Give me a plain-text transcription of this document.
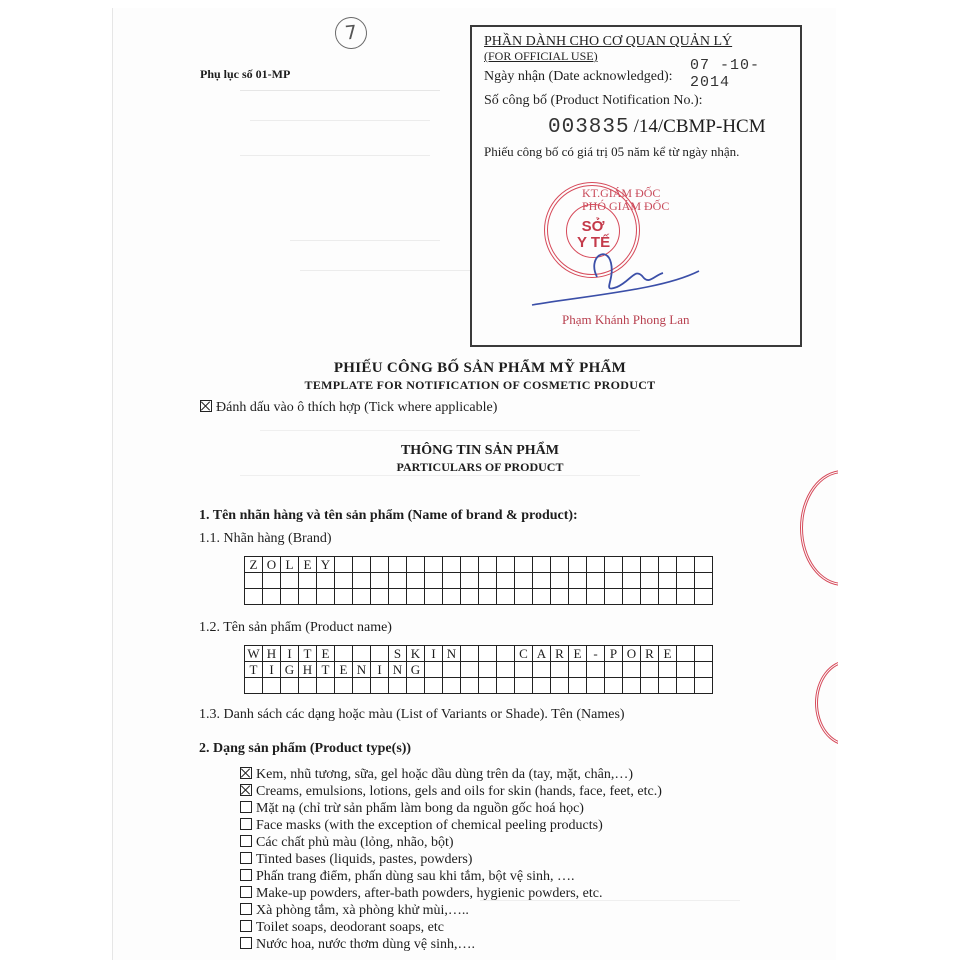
7
Phụ lục số 01-MP
PHẦN DÀNH CHO CƠ QUAN QUẢN LÝ
(FOR OFFICIAL USE)
Ngày nhận (Date acknowledged):
07 -10- 2014
Số công bố (Product Notification No.):
003835 /14/CBMP-HCM
Phiếu công bố có giá trị 05 năm kể từ ngày nhận.
KT.GIÁM ĐỐC
PHÓ GIÁM ĐỐC
SỞ
Y TẾ
Phạm Khánh Phong Lan
PHIẾU CÔNG BỐ SẢN PHẨM MỸ PHẨM
TEMPLATE FOR NOTIFICATION OF COSMETIC PRODUCT
Đánh dấu vào ô thích hợp (Tick where applicable)
THÔNG TIN SẢN PHẨM
PARTICULARS OF PRODUCT
1. Tên nhãn hàng và tên sản phẩm (Name of brand & product):
1.1. Nhãn hàng (Brand)
Z O L E Y
1.2. Tên sản phẩm (Product name)
W H I T E	S K I N	C A R E - P O R E
T I G H T E N I N G
1.3. Danh sách các dạng hoặc màu (List of Variants or Shade). Tên (Names)
2. Dạng sản phẩm (Product type(s))
Kem, nhũ tương, sữa, gel hoặc dầu dùng trên da (tay, mặt, chân,…)
Creams, emulsions, lotions, gels and oils for skin (hands, face, feet, etc.)
Mặt nạ (chỉ trừ sản phẩm làm bong da nguồn gốc hoá học)
Face masks (with the exception of chemical peeling products)
Các chất phủ màu (lỏng, nhão, bột)
Tinted bases (liquids, pastes, powders)
Phấn trang điểm, phấn dùng sau khi tắm, bột vệ sinh, ….
Make-up powders, after-bath powders, hygienic powders, etc.
Xà phòng tắm, xà phòng khử mùi,…..
Toilet soaps, deodorant soaps, etc
Nước hoa, nước thơm dùng vệ sinh,….
